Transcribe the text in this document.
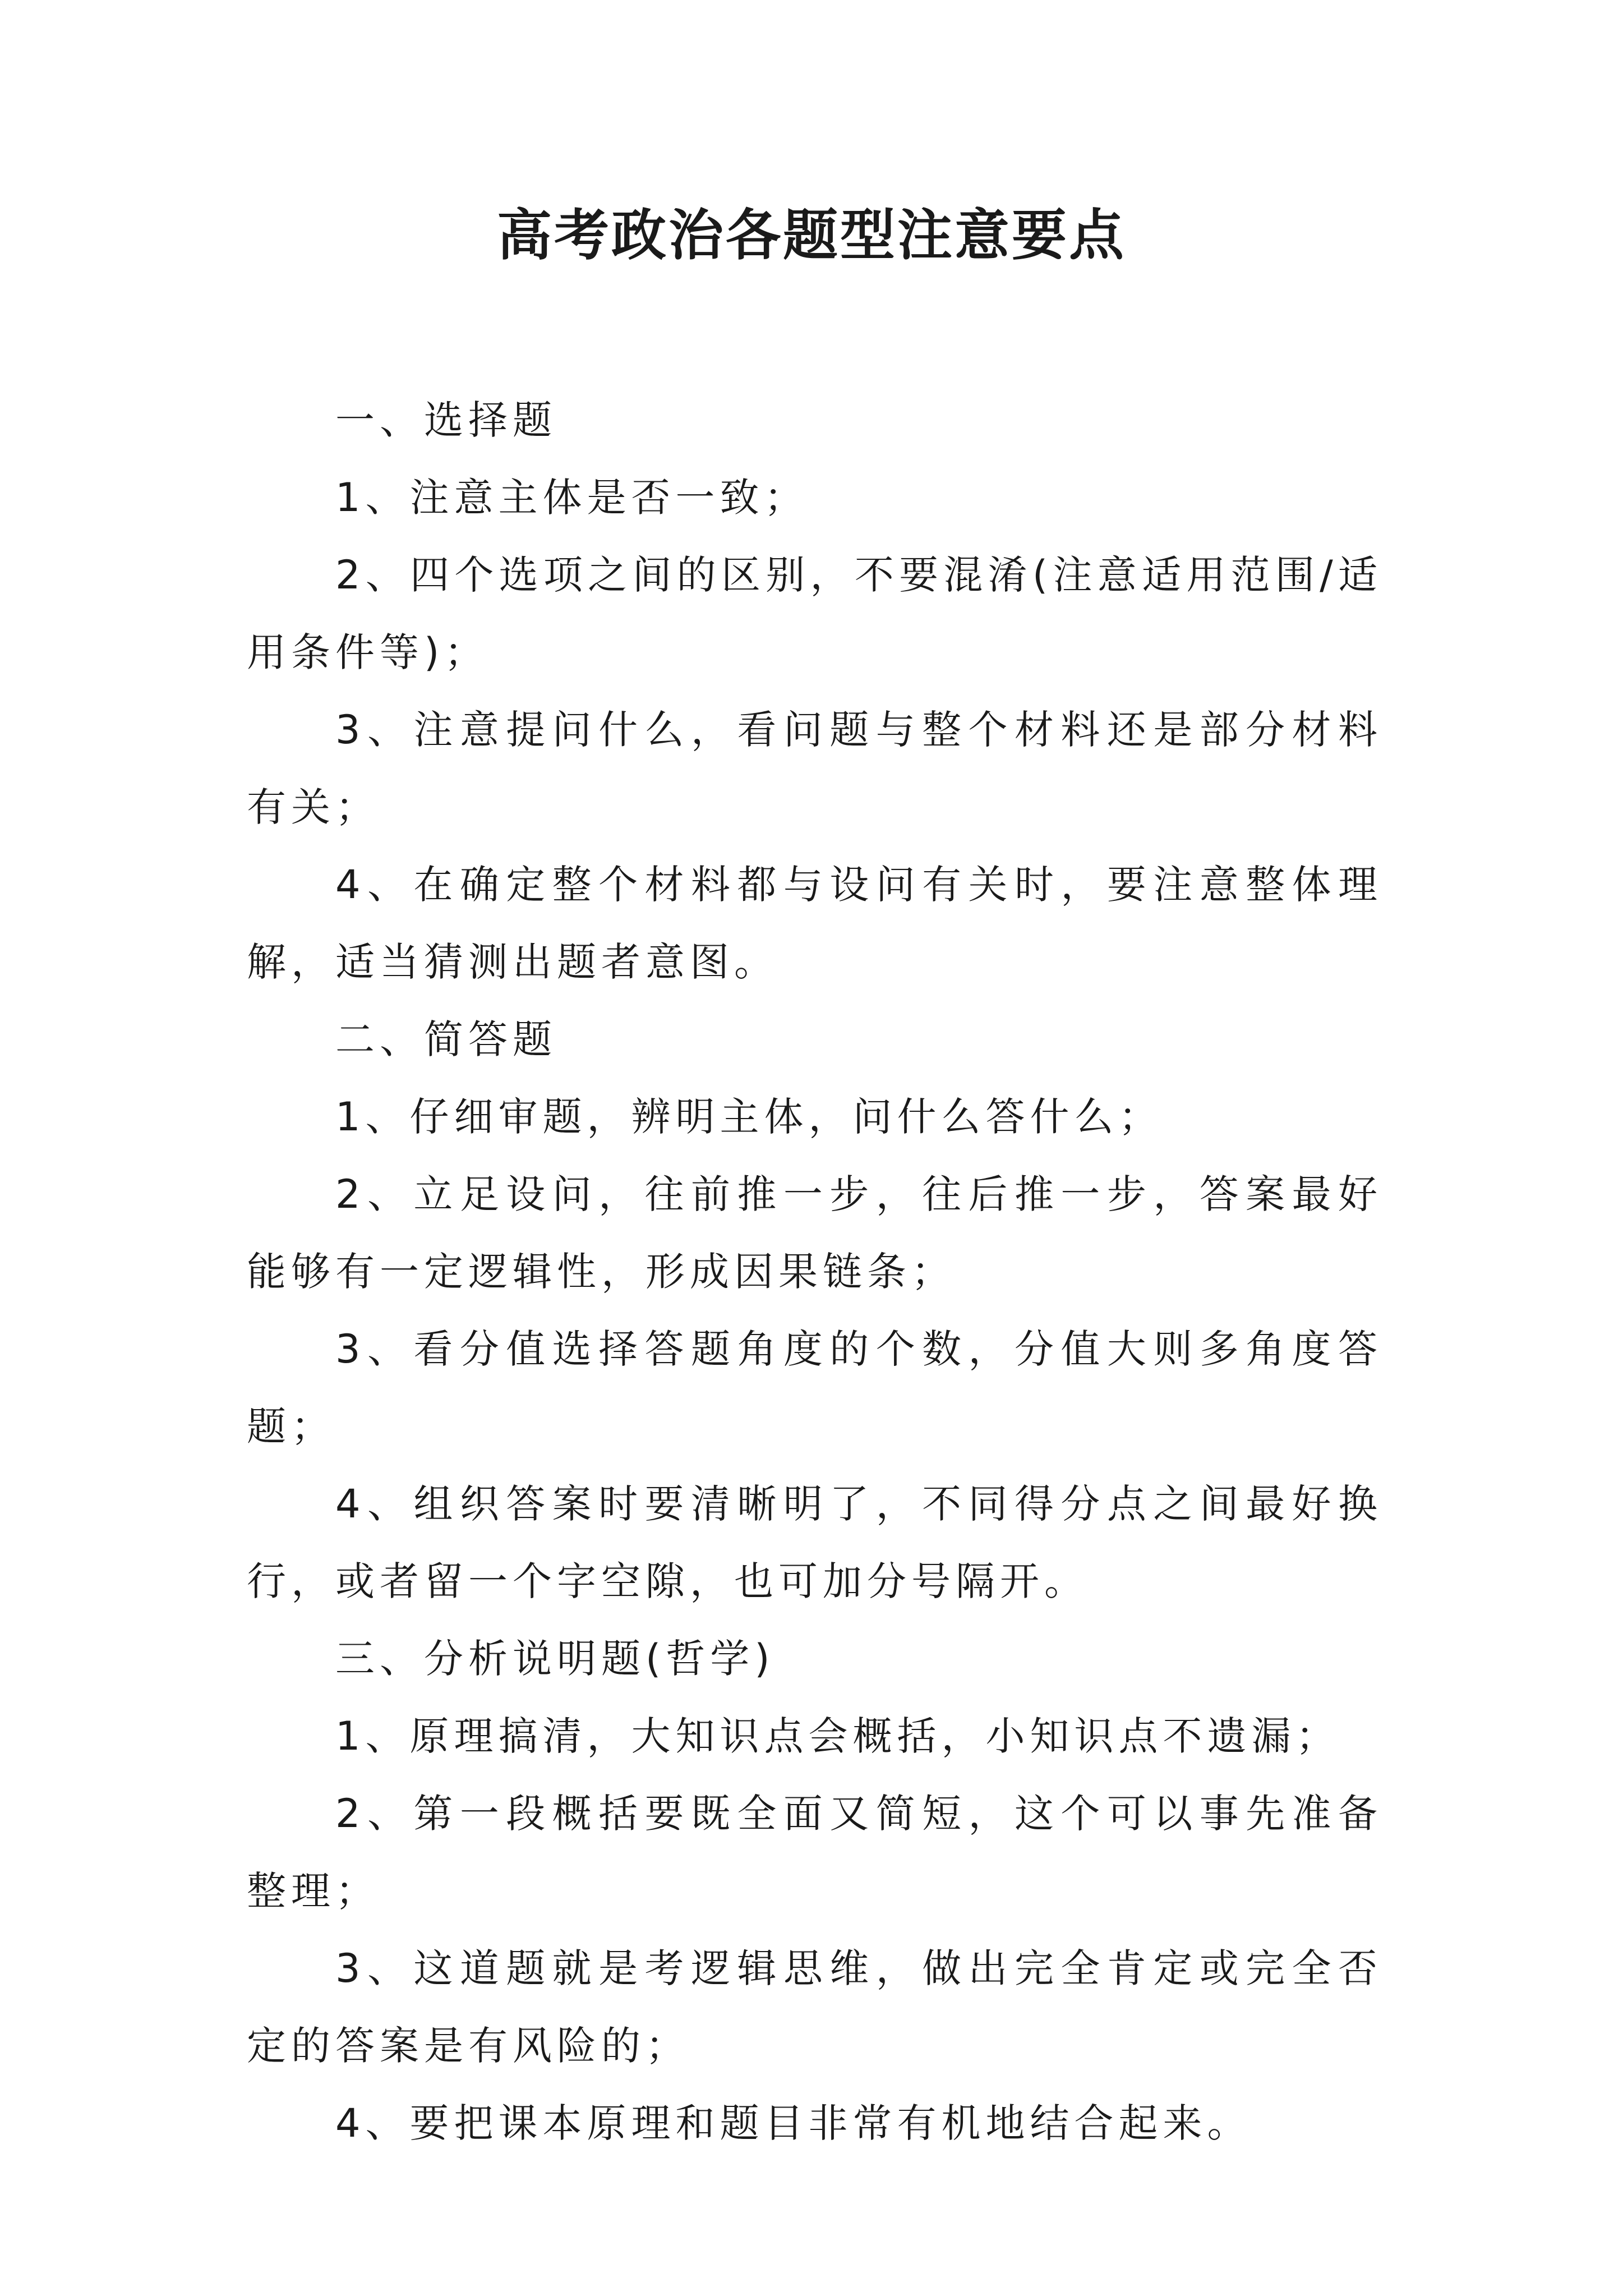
高考政治各题型注意要点

一、选择题

1、注意主体是否一致；

2、四个选项之间的区别，不要混淆(注意适用范围/适用条件等)；

3、注意提问什么，看问题与整个材料还是部分材料有关；

4、在确定整个材料都与设问有关时，要注意整体理解，适当猜测出题者意图。

二、简答题

1、仔细审题，辨明主体，问什么答什么；

2、立足设问，往前推一步，往后推一步，答案最好能够有一定逻辑性，形成因果链条；

3、看分值选择答题角度的个数，分值大则多角度答题；

4、组织答案时要清晰明了，不同得分点之间最好换行，或者留一个字空隙，也可加分号隔开。

三、分析说明题(哲学)

1、原理搞清，大知识点会概括，小知识点不遗漏；

2、第一段概括要既全面又简短，这个可以事先准备整理；

3、这道题就是考逻辑思维，做出完全肯定或完全否定的答案是有风险的；

4、要把课本原理和题目非常有机地结合起来。
